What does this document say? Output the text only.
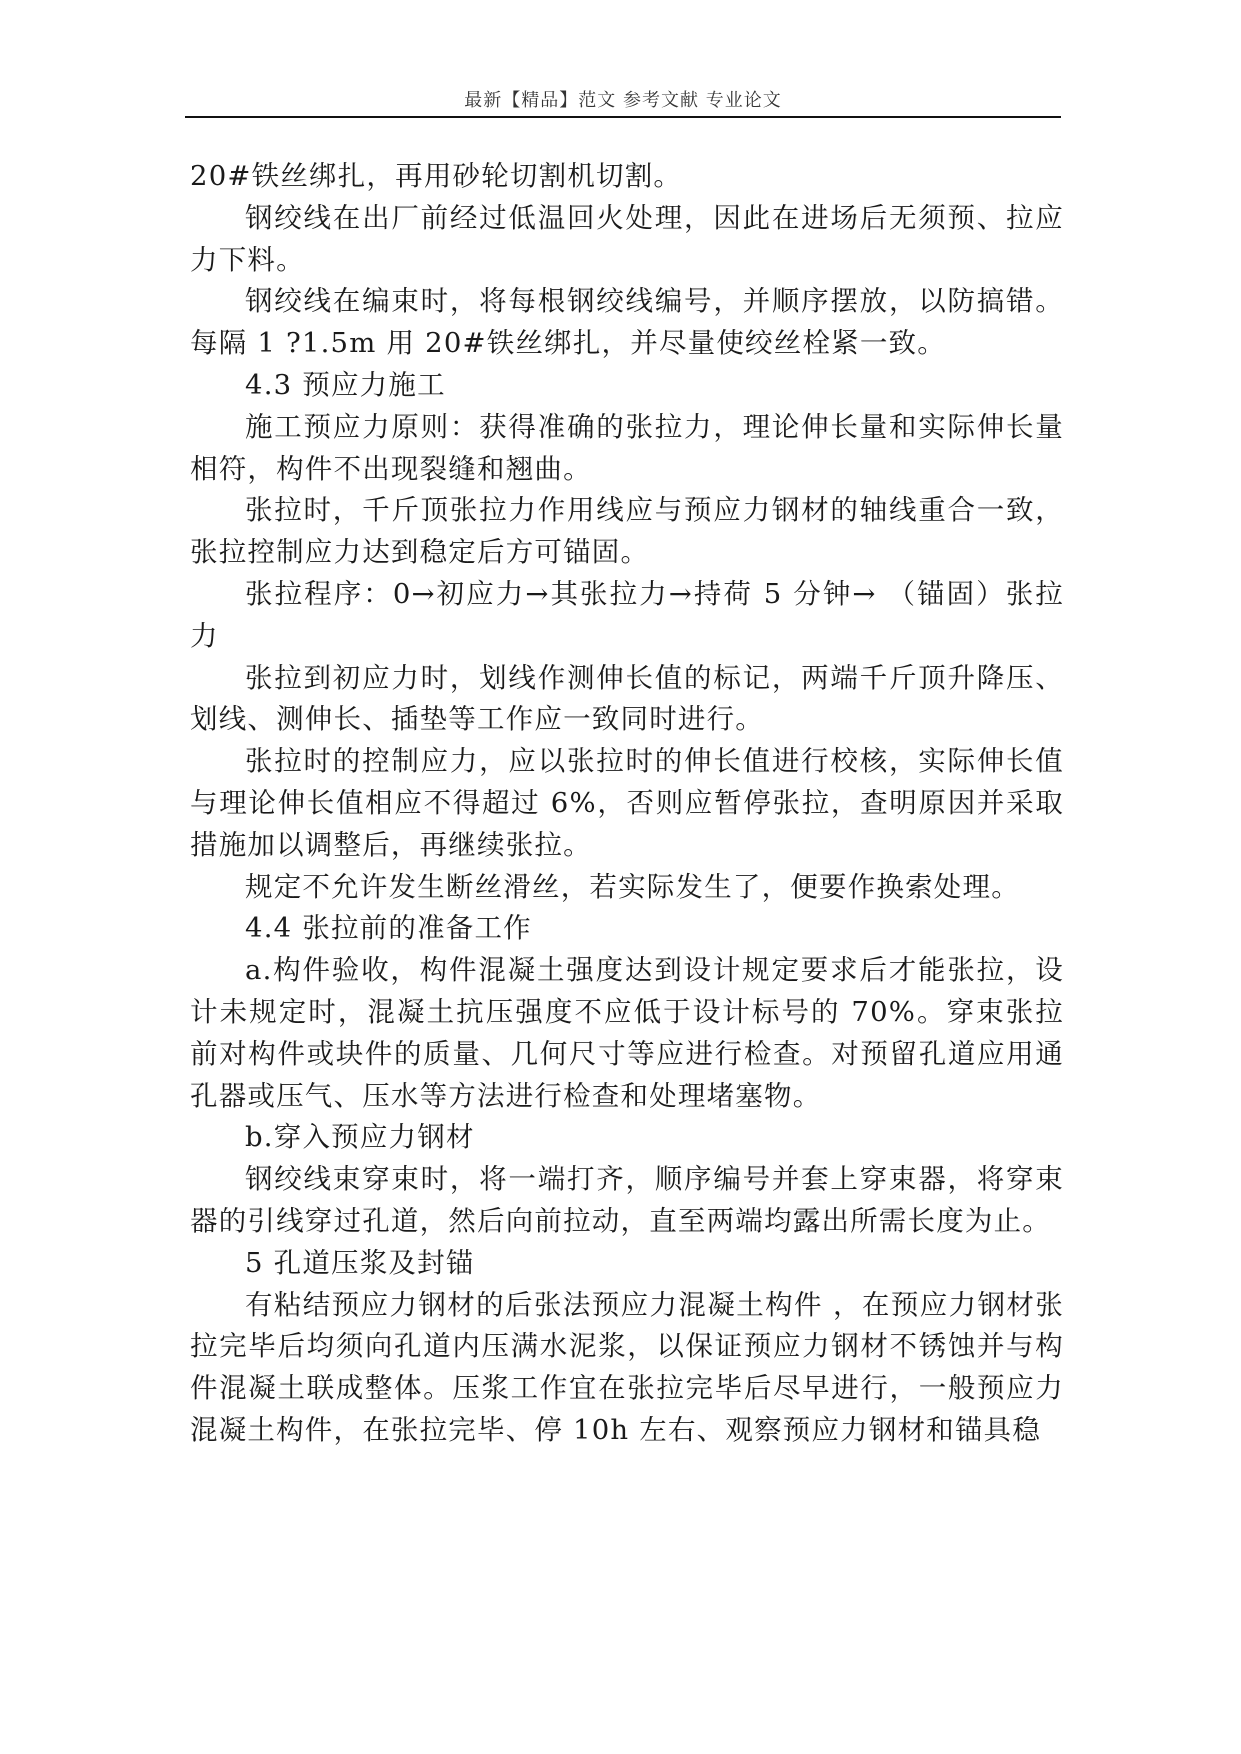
最新【精品】范文 参考文献 专业论文

20#铁丝绑扎，再用砂轮切割机切割。

钢绞线在出厂前经过低温回火处理，因此在进场后无须预、拉应力下料。

钢绞线在编束时，将每根钢绞线编号，并顺序摆放，以防搞错。每隔 1 ?1.5m 用 20#铁丝绑扎，并尽量使绞丝栓紧一致。

4.3 预应力施工

施工预应力原则：获得准确的张拉力，理论伸长量和实际伸长量相符，构件不出现裂缝和翘曲。

张拉时，千斤顶张拉力作用线应与预应力钢材的轴线重合一致，张拉控制应力达到稳定后方可锚固。

张拉程序：0→初应力→其张拉力→持荷 5 分钟→ （锚固）张拉力

张拉到初应力时，划线作测伸长值的标记，两端千斤顶升降压、划线、测伸长、插垫等工作应一致同时进行。

张拉时的控制应力，应以张拉时的伸长值进行校核，实际伸长值与理论伸长值相应不得超过 6%，否则应暂停张拉，查明原因并采取措施加以调整后，再继续张拉。

规定不允许发生断丝滑丝，若实际发生了，便要作换索处理。

4.4 张拉前的准备工作

a.构件验收，构件混凝土强度达到设计规定要求后才能张拉，设计未规定时，混凝土抗压强度不应低于设计标号的 70%。穿束张拉前对构件或块件的质量、几何尺寸等应进行检查。对预留孔道应用通孔器或压气、压水等方法进行检查和处理堵塞物。

b.穿入预应力钢材

钢绞线束穿束时，将一端打齐，顺序编号并套上穿束器，将穿束器的引线穿过孔道，然后向前拉动，直至两端均露出所需长度为止。

5 孔道压浆及封锚

有粘结预应力钢材的后张法预应力混凝土构件 ，在预应力钢材张拉完毕后均须向孔道内压满水泥浆，以保证预应力钢材不锈蚀并与构件混凝土联成整体。压浆工作宜在张拉完毕后尽早进行，一般预应力混凝土构件，在张拉完毕、停 10h 左右、观察预应力钢材和锚具稳
